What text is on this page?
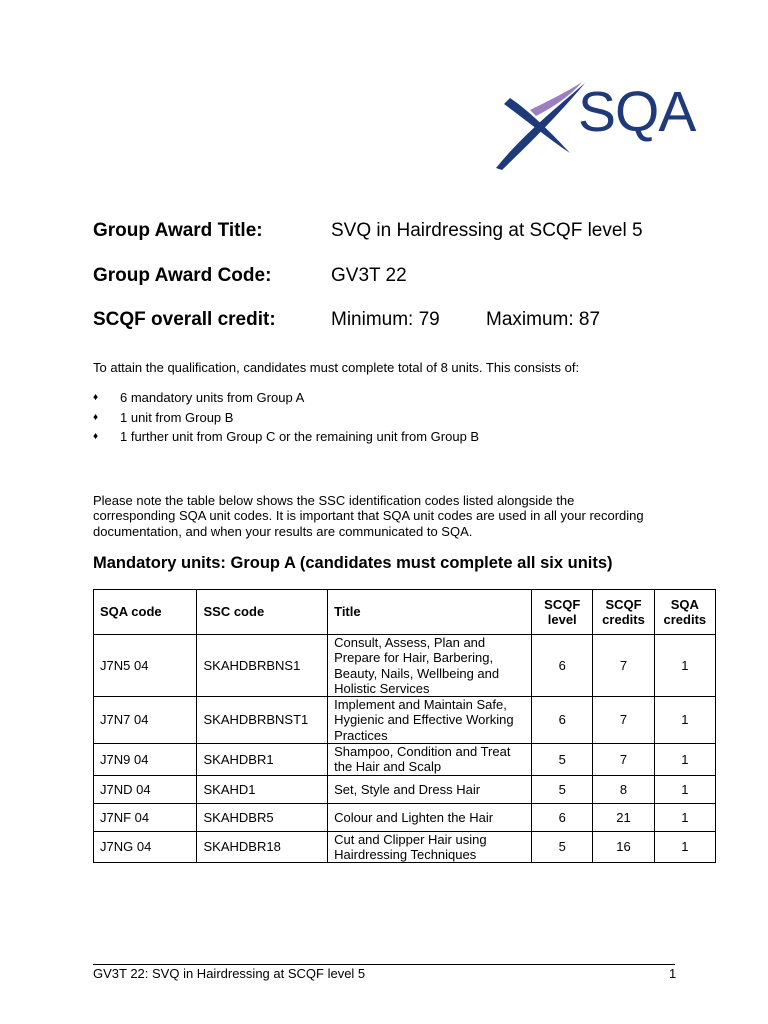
SQA
Group Award Title:	SVQ in Hairdressing at SCQF level 5
Group Award Code:	GV3T 22
SCQF overall credit:	Minimum: 79 Maximum: 87
To attain the qualification, candidates must complete total of 8 units. This consists of:
♦ 6 mandatory units from Group A
♦ 1 unit from Group B
♦ 1 further unit from Group C or the remaining unit from Group B
Please note the table below shows the SSC identification codes listed alongside the corresponding SQA unit codes. It is important that SQA unit codes are used in all your recording documentation, and when your results are communicated to SQA.
Mandatory units: Group A (candidates must complete all six units)
SQA code	SSC code	Title	SCQF level	SCQF credits	SQA credits
J7N5 04	SKAHDBRBNS1	Consult, Assess, Plan and Prepare for Hair, Barbering, Beauty, Nails, Wellbeing and Holistic Services	6	7	1
J7N7 04	SKAHDBRBNST1	Implement and Maintain Safe, Hygienic and Effective Working Practices	6	7	1
J7N9 04	SKAHDBR1	Shampoo, Condition and Treat the Hair and Scalp	5	7	1
J7ND 04	SKAHD1	Set, Style and Dress Hair	5	8	1
J7NF 04	SKAHDBR5	Colour and Lighten the Hair	6	21	1
J7NG 04	SKAHDBR18	Cut and Clipper Hair using Hairdressing Techniques	5	16	1
GV3T 22: SVQ in Hairdressing at SCQF level 5	1
